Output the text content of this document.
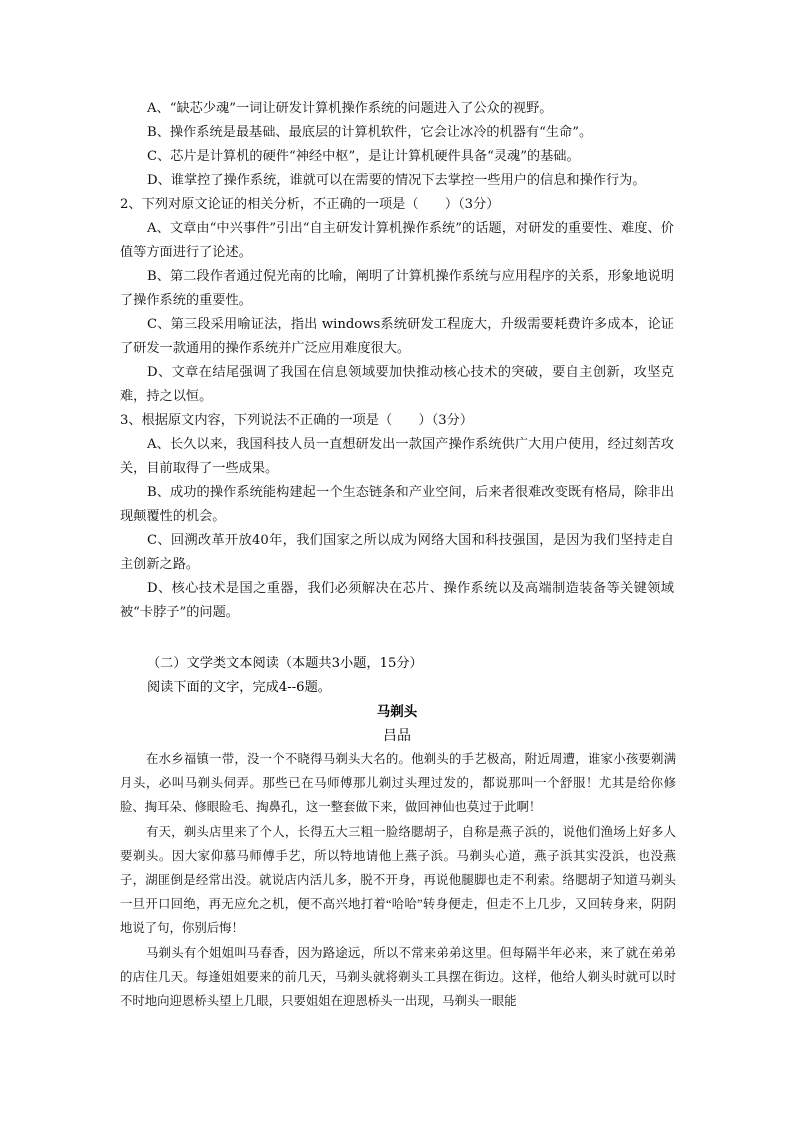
A、“缺芯少魂”一词让研发计算机操作系统的问题进入了公众的视野。

B、操作系统是最基础、最底层的计算机软件，它会让冰冷的机器有“生命”。

C、芯片是计算机的硬件“神经中枢”，是让计算机硬件具备“灵魂”的基础。

D、谁掌控了操作系统，谁就可以在需要的情况下去掌控一些用户的信息和操作行为。

2、下列对原文论证的相关分析，不正确的一项是（　　）（3分）

A、文章由“中兴事件”引出“自主研发计算机操作系统”的话题，对研发的重要性、难度、价值等方面进行了论述。

B、第二段作者通过倪光南的比喻，阐明了计算机操作系统与应用程序的关系，形象地说明了操作系统的重要性。

C、第三段采用喻证法，指出 windows系统研发工程庞大，升级需要耗费许多成本，论证了研发一款通用的操作系统并广泛应用难度很大。

D、文章在结尾强调了我国在信息领域要加快推动核心技术的突破，要自主创新，攻坚克难，持之以恒。

3、根据原文内容，下列说法不正确的一项是（　　）（3分）

A、长久以来，我国科技人员一直想研发出一款国产操作系统供广大用户使用，经过刻苦攻关，目前取得了一些成果。

B、成功的操作系统能构建起一个生态链条和产业空间，后来者很难改变既有格局，除非出现颠覆性的机会。

C、回溯改革开放40年，我们国家之所以成为网络大国和科技强国，是因为我们坚持走自主创新之路。

D、核心技术是国之重器，我们必须解决在芯片、操作系统以及高端制造装备等关键领域被“卡脖子”的问题。

（二）文学类文本阅读（本题共3小题，15分）

阅读下面的文字，完成4--6题。

马剃头

吕品

在水乡福镇一带，没一个不晓得马剃头大名的。他剃头的手艺极高，附近周遭，谁家小孩要剃满月头，必叫马剃头伺弄。那些已在马师傅那儿剃过头理过发的，都说那叫一个舒服！尤其是给你修脸、掏耳朵、修眼睑毛、掏鼻孔，这一整套做下来，做回神仙也莫过于此啊！

有天，剃头店里来了个人，长得五大三粗一脸络腮胡子，自称是燕子浜的，说他们渔场上好多人要剃头。因大家仰慕马师傅手艺，所以特地请他上燕子浜。马剃头心道，燕子浜其实没浜，也没燕子，湖匪倒是经常出没。就说店内活儿多，脱不开身，再说他腿脚也走不利索。络腮胡子知道马剃头一旦开口回绝，再无应允之机，便不高兴地打着“哈哈”转身便走，但走不上几步，又回转身来，阴阴地说了句，你别后悔！

马剃头有个姐姐叫马春香，因为路途远，所以不常来弟弟这里。但每隔半年必来，来了就在弟弟的店住几天。每逢姐姐要来的前几天，马剃头就将剃头工具摆在街边。这样，他给人剃头时就可以时不时地向迎恩桥头望上几眼，只要姐姐在迎恩桥头一出现，马剃头一眼能
